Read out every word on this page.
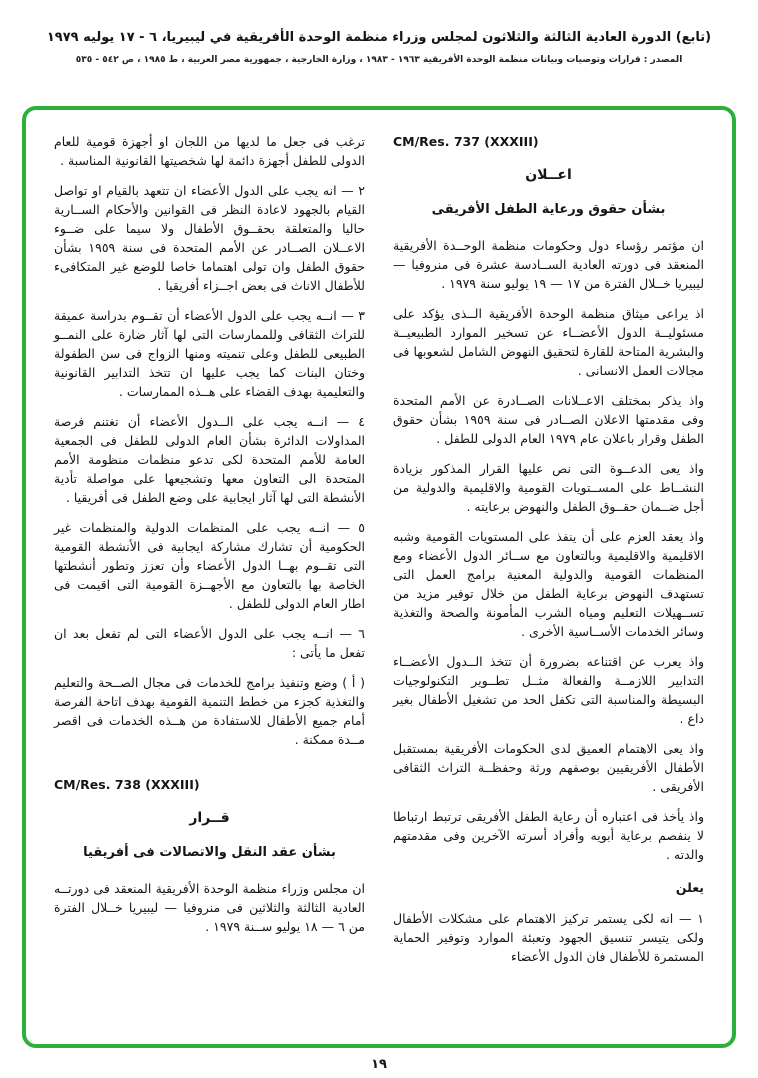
(تابع) الدورة العادية الثالثة والثلاثون لمجلس وزراء منظمة الوحدة الأفريقية في ليبيريا، ٦ - ١٧ يوليه ١٩٧٩
المصدر : قرارات وتوصيات وبيانات منظمة الوحدة الأفريقية ١٩٦٣ - ١٩٨٣ ، وزارة الخارجية ، جمهورية مصر العربية ، ط ١٩٨٥ ، ص ٥٤٢ - ٥٣٥
CM/Res. 737 (XXXIII)
اعــلان
بشأن حقوق ورعاية الطفل الأفريقى

ان مؤتمر رؤساء دول وحكومات منظمة الوحــدة الأفريقية المنعقد فى دورته العادية الســادسة عشرة فى منروفيا — ليبيريا خــلال الفترة من ١٧ — ١٩ يوليو سنة ١٩٧٩ .

اذ يراعى ميثاق منظمة الوحدة الأفريقية الــذى يؤكد على مسئوليــة الدول الأعضــاء عن تسخير الموارد الطبيعيــة والبشرية المتاحة للقارة لتحقيق النهوض الشامل لشعوبها فى مجالات العمل الانسانى .

واذ يذكر بمختلف الاعــلانات الصــادرة عن الأمم المتحدة وفى مقدمتها الاعلان الصــادر فى سنة ١٩٥٩ بشأن حقوق الطفل وقرار باعلان عام ١٩٧٩ العام الدولى للطفل .

واذ يعى الدعــوة التى نص عليها القرار المذكور بزيادة النشــاط على المســتويات القومية والاقليمية والدولية من أجل ضــمان حقــوق الطفل والنهوض برعايته .

واذ يعقد العزم على أن ينفذ على المستويات القومية وشبه الاقليمية والاقليمية وبالتعاون مع ســائر الدول الأعضاء ومع المنظمات القومية والدولية المعنية برامج العمل التى تستهدف النهوض برعاية الطفل من خلال توفير مزيد من تســهيلات التعليم ومياه الشرب المأمونة والصحة والتغذية وسائر الخدمات الأســاسية الأخرى .

واذ يعرب عن اقتناعه بضرورة أن تتخذ الــدول الأعضــاء التدابير اللازمــة والفعالة مثــل تطــوير التكنولوجيات البسيطة والمناسبة التى تكفل الحد من تشغيل الأطفال بغير داع .

واذ يعى الاهتمام العميق لدى الحكومات الأفريقية بمستقبل الأطفال الأفريقيين بوصفهم ورثة وحفظــة التراث الثقافى الأفريقى .

واذ يأخذ فى اعتباره أن رعاية الطفل الأفريقى ترتبط ارتباطا لا ينفصم برعاية أبويه وأفراد أسرته الآخرين وفى مقدمتهم والدته .

يعلن

١ — انه لكى يستمر تركيز الاهتمام على مشكلات الأطفال ولكى يتيسر تنسيق الجهود وتعبئة الموارد وتوفير الحماية المستمرة للأطفال فان الدول الأعضاء

ترغب فى جعل ما لديها من اللجان او أجهزة قومية للعام الدولى للطفل أجهزة دائمة لها شخصيتها القانونية المناسبة .

٢ — انه يجب على الدول الأعضاء ان تتعهد بالقيام او تواصل القيام بالجهود لاعادة النظر فى القوانين والأحكام الســارية حاليا والمتعلقة بحقــوق الأطفال ولا سيما على ضــوء الاعــلان الصــادر عن الأمم المتحدة فى سنة ١٩٥٩ بشأن حقوق الطفل وان تولى اهتماما خاصا للوضع غير المتكافىء للأطفال الاناث فى بعض اجــزاء أفريقيا .

٣ — انــه يجب على الدول الأعضاء أن تقــوم بدراسة عميقة للتراث الثقافى وللممارسات التى لها آثار ضارة على النمــو الطبيعى للطفل وعلى تنميته ومنها الزواج فى سن الطفولة وختان البنات كما يجب عليها ان تتخذ التدابير القانونية والتعليمية بهدف القضاء على هــذه الممارسات .

٤ — انــه يجب على الــدول الأعضاء أن تغتنم فرصة المداولات الدائرة بشأن العام الدولى للطفل فى الجمعية العامة للأمم المتحدة لكى تدعو منظمات منظومة الأمم المتحدة الى التعاون معها وتشجيعها على مواصلة تأدية الأنشطة التى لها آثار ايجابية على وضع الطفل فى أفريقيا .

٥ — انــه يجب على المنظمات الدولية والمنظمات غير الحكومية أن تشارك مشاركة ايجابية فى الأنشطة القومية التى تقــوم بهــا الدول الأعضاء وأن تعزز وتطور أنشطتها الخاصة بها بالتعاون مع الأجهــزة القومية التى اقيمت فى اطار العام الدولى للطفل .

٦ — انــه يجب على الدول الأعضاء التى لم تفعل بعد ان تفعل ما يأتى :

( أ ) وضع وتنفيذ برامج للخدمات فى مجال الصــحة والتعليم والتغذية كجزء من خطط التنمية القومية بهدف اتاحة الفرصة أمام جميع الأطفال للاستفادة من هــذه الخدمات فى اقصر مــدة ممكنة .

CM/Res. 738 (XXXIII)
قــرار
بشأن عقد النقل والاتصالات فى أفريقيا

ان مجلس وزراء منظمة الوحدة الأفريقية المنعقد فى دورتــه العادية الثالثة والثلاثين فى منروفيا — ليبيريا خــلال الفترة من ٦ — ١٨ يوليو ســنة ١٩٧٩ .

١٩
